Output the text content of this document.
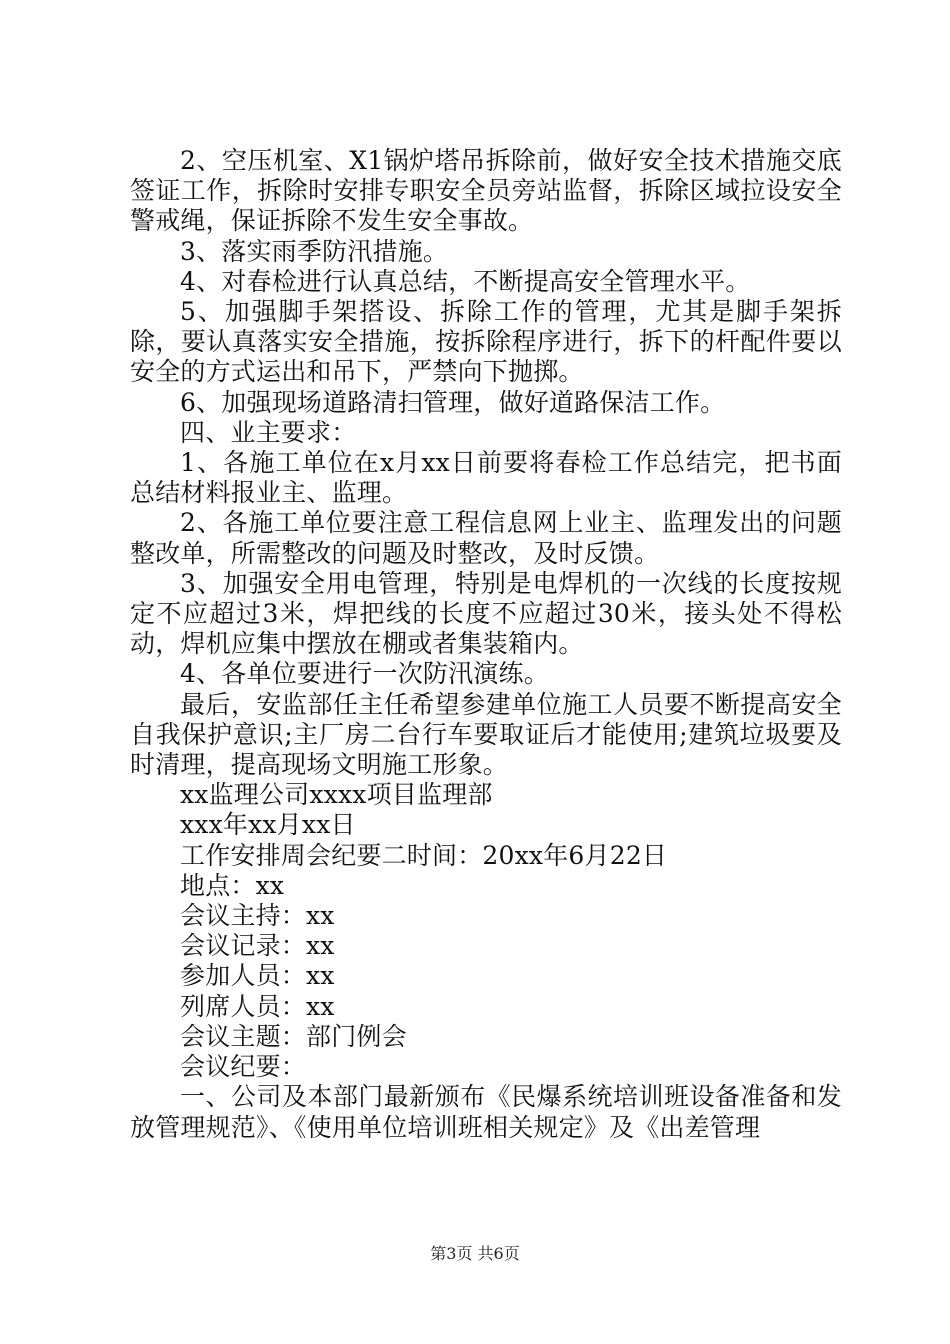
2、空压机室、X1锅炉塔吊拆除前，做好安全技术措施交底签证工作，拆除时安排专职安全员旁站监督，拆除区域拉设安全警戒绳，保证拆除不发生安全事故。

3、落实雨季防汛措施。

4、对春检进行认真总结，不断提高安全管理水平。

5、加强脚手架搭设、拆除工作的管理，尤其是脚手架拆除，要认真落实安全措施，按拆除程序进行，拆下的杆配件要以安全的方式运出和吊下，严禁向下抛掷。

6、加强现场道路清扫管理，做好道路保洁工作。

四、业主要求：

1、各施工单位在x月xx日前要将春检工作总结完，把书面总结材料报业主、监理。

2、各施工单位要注意工程信息网上业主、监理发出的问题整改单，所需整改的问题及时整改，及时反馈。

3、加强安全用电管理，特别是电焊机的一次线的长度按规定不应超过3米，焊把线的长度不应超过30米，接头处不得松动，焊机应集中摆放在棚或者集装箱内。

4、各单位要进行一次防汛演练。

最后，安监部任主任希望参建单位施工人员要不断提高安全自我保护意识;主厂房二台行车要取证后才能使用;建筑垃圾要及时清理，提高现场文明施工形象。

xx监理公司xxxx项目监理部

xxx年xx月xx日

工作安排周会纪要二时间：20xx年6月22日

地点：xx

会议主持：xx

会议记录：xx

参加人员：xx

列席人员：xx

会议主题：部门例会

会议纪要：

一、公司及本部门最新颁布《民爆系统培训班设备准备和发放管理规范》、《使用单位培训班相关规定》及《出差管理

第3页 共6页
